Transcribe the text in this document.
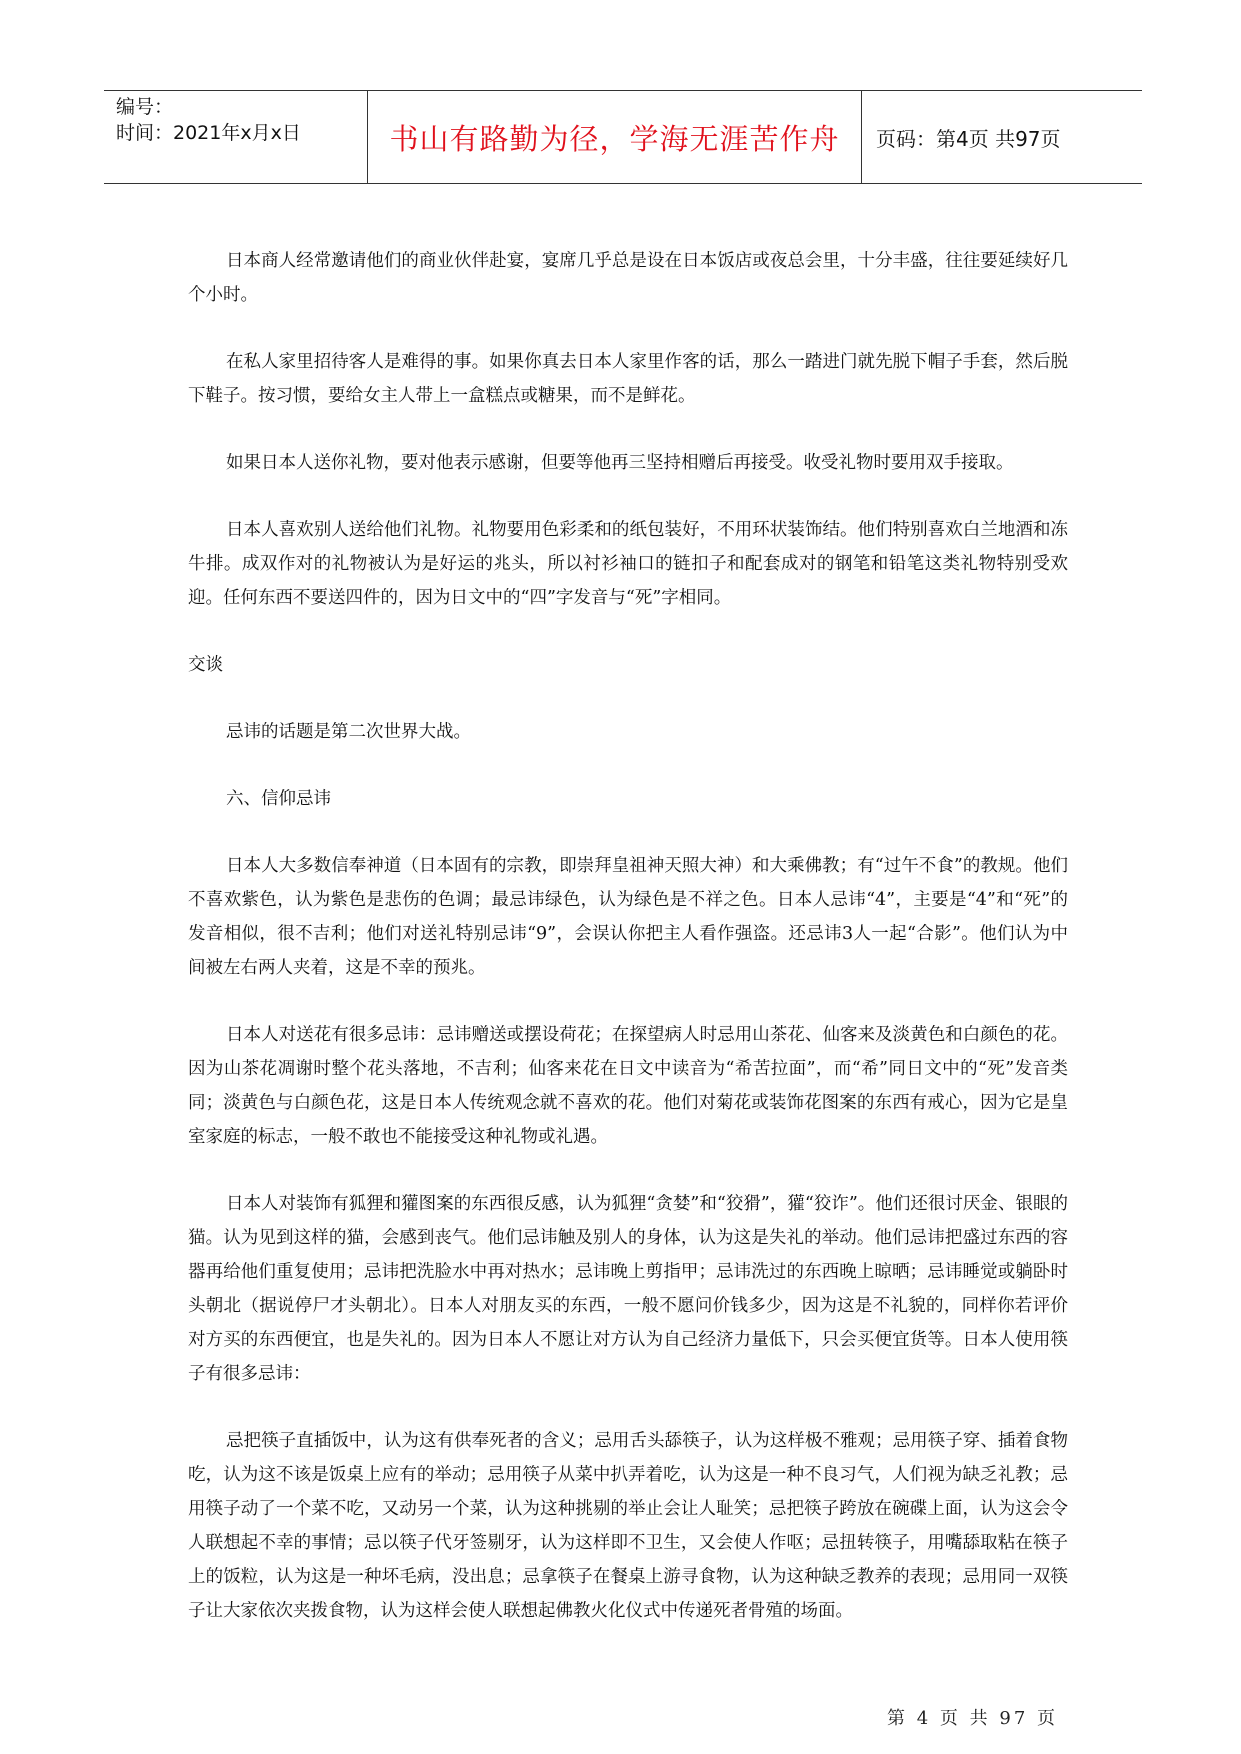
编号：
时间：2021年x月x日	书山有路勤为径，学海无涯苦作舟	页码：第4页 共97页

日本商人经常邀请他们的商业伙伴赴宴，宴席几乎总是设在日本饭店或夜总会里，十分丰盛，往往要延续好几个小时。

在私人家里招待客人是难得的事。如果你真去日本人家里作客的话，那么一踏进门就先脱下帽子手套，然后脱下鞋子。按习惯，要给女主人带上一盒糕点或糖果，而不是鲜花。

如果日本人送你礼物，要对他表示感谢，但要等他再三坚持相赠后再接受。收受礼物时要用双手接取。

日本人喜欢别人送给他们礼物。礼物要用色彩柔和的纸包装好，不用环状装饰结。他们特别喜欢白兰地酒和冻牛排。成双作对的礼物被认为是好运的兆头，所以衬衫袖口的链扣子和配套成对的钢笔和铅笔这类礼物特别受欢迎。任何东西不要送四件的，因为日文中的“四”字发音与“死”字相同。

交谈

忌讳的话题是第二次世界大战。

六、信仰忌讳

日本人大多数信奉神道（日本固有的宗教，即崇拜皇祖神天照大神）和大乘佛教；有“过午不食”的教规。他们不喜欢紫色，认为紫色是悲伤的色调；最忌讳绿色，认为绿色是不祥之色。日本人忌讳“4”，主要是“4”和“死”的发音相似，很不吉利；他们对送礼特别忌讳“9”，会误认你把主人看作强盗。还忌讳3人一起“合影”。他们认为中间被左右两人夹着，这是不幸的预兆。

日本人对送花有很多忌讳：忌讳赠送或摆设荷花；在探望病人时忌用山茶花、仙客来及淡黄色和白颜色的花。因为山茶花凋谢时整个花头落地，不吉利；仙客来花在日文中读音为“希苦拉面”，而“希”同日文中的“死”发音类同；淡黄色与白颜色花，这是日本人传统观念就不喜欢的花。他们对菊花或装饰花图案的东西有戒心，因为它是皇室家庭的标志，一般不敢也不能接受这种礼物或礼遇。

日本人对装饰有狐狸和獾图案的东西很反感，认为狐狸“贪婪”和“狡猾”，獾“狡诈”。他们还很讨厌金、银眼的猫。认为见到这样的猫，会感到丧气。他们忌讳触及别人的身体，认为这是失礼的举动。他们忌讳把盛过东西的容器再给他们重复使用；忌讳把洗脸水中再对热水；忌讳晚上剪指甲；忌讳洗过的东西晚上晾晒；忌讳睡觉或躺卧时头朝北（据说停尸才头朝北）。日本人对朋友买的东西，一般不愿问价钱多少，因为这是不礼貌的，同样你若评价对方买的东西便宜，也是失礼的。因为日本人不愿让对方认为自己经济力量低下，只会买便宜货等。日本人使用筷子有很多忌讳：

忌把筷子直插饭中，认为这有供奉死者的含义；忌用舌头舔筷子，认为这样极不雅观；忌用筷子穿、插着食物吃，认为这不该是饭桌上应有的举动；忌用筷子从菜中扒弄着吃，认为这是一种不良习气，人们视为缺乏礼教；忌用筷子动了一个菜不吃，又动另一个菜，认为这种挑剔的举止会让人耻笑；忌把筷子跨放在碗碟上面，认为这会令人联想起不幸的事情；忌以筷子代牙签剔牙，认为这样即不卫生，又会使人作呕；忌扭转筷子，用嘴舔取粘在筷子上的饭粒，认为这是一种坏毛病，没出息；忌拿筷子在餐桌上游寻食物，认为这种缺乏教养的表现；忌用同一双筷子让大家依次夹拨食物，认为这样会使人联想起佛教火化仪式中传递死者骨殖的场面。

第 4 页 共 97 页
